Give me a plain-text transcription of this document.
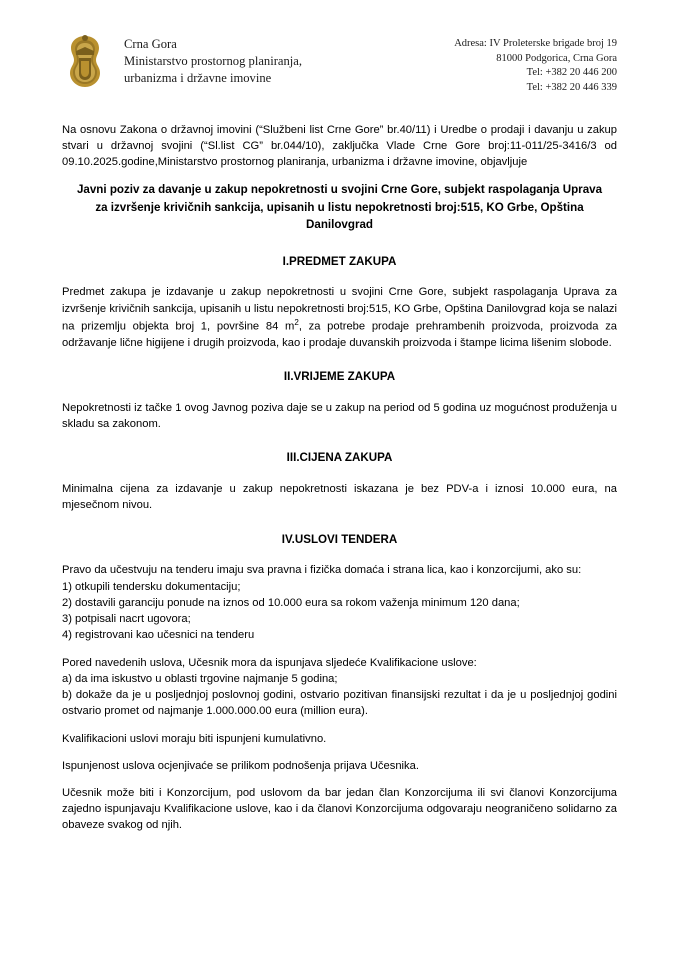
Crna Gora
Ministarstvo prostornog planiranja,
urbanizma i državne imovine
Adresa: IV Proleterske brigade broj 19
81000 Podgorica, Crna Gora
Tel: +382 20 446 200
Tel: +382 20 446 339

Na osnovu Zakona o državnoj imovini (“Službeni list Crne Gore” br.40/11) i Uredbe o prodaji i davanju u zakup stvari u državnoj svojini (“Sl.list CG” br.044/10), zaključka Vlade Crne Gore broj:11-011/25-3416/3 od 09.10.2025.godine,Ministarstvo prostornog planiranja, urbanizma i državne imovine, objavljuje

Javni poziv za davanje u zakup nepokretnosti u svojini Crne Gore, subjekt raspolaganja Uprava za izvršenje krivičnih sankcija, upisanih u listu nepokretnosti broj:515, KO Grbe, Opština Danilovgrad
I.PREDMET ZAKUPA

Predmet zakupa je izdavanje u zakup nepokretnosti u svojini Crne Gore, subjekt raspolaganja Uprava za izvršenje krivičnih sankcija, upisanih u listu nepokretnosti broj:515, KO Grbe, Opština Danilovgrad koja se nalazi na prizemlju objekta broj 1, površine 84 $m^2$, za potrebe prodaje prehrambenih proizvoda, proizvoda za održavanje lične higijene i drugih proizvoda, kao i prodaje duvanskih proizvoda i štampe licima lišenim slobode.

II.VRIJEME ZAKUPA

Nepokretnosti iz tačke 1 ovog Javnog poziva daje se u zakup na period od 5 godina uz mogućnost produženja u skladu sa zakonom.

III.CIJENA ZAKUPA

Minimalna cijena za izdavanje u zakup nepokretnosti iskazana je bez PDV-a i iznosi 10.000 eura, na mjesečnom nivou.

IV.USLOVI TENDERA

Pravo da učestvuju na tenderu imaju sva pravna i fizička domaća i strana lica, kao i konzorcijumi, ako su:

1) otkupili tendersku dokumentaciju;
2) dostavili garanciju ponude na iznos od 10.000 eura sa rokom važenja minimum 120 dana;
3) potpisali nacrt ugovora;
4) registrovani kao učesnici na tenderu

Pored navedenih uslova, Učesnik mora da ispunjava sljedeće Kvalifikacione uslove:

a) da ima iskustvo u oblasti trgovine najmanje 5 godina;
b) dokaže da je u posljednjoj poslovnoj godini, ostvario pozitivan finansijski rezultat i da je u posljednjoj godini ostvario promet od najmanje 1.000.000.00 eura (million eura).

Kvalifikacioni uslovi moraju biti ispunjeni kumulativno.

Ispunjenost uslova ocjenjivaće se prilikom podnošenja prijava Učesnika.

Učesnik može biti i Konzorcijum, pod uslovom da bar jedan član Konzorcijuma ili svi članovi Konzorcijuma zajedno ispunjavaju Kvalifikacione uslove, kao i da članovi Konzorcijuma odgovaraju neograničeno solidarno za obaveze svakog od njih.
